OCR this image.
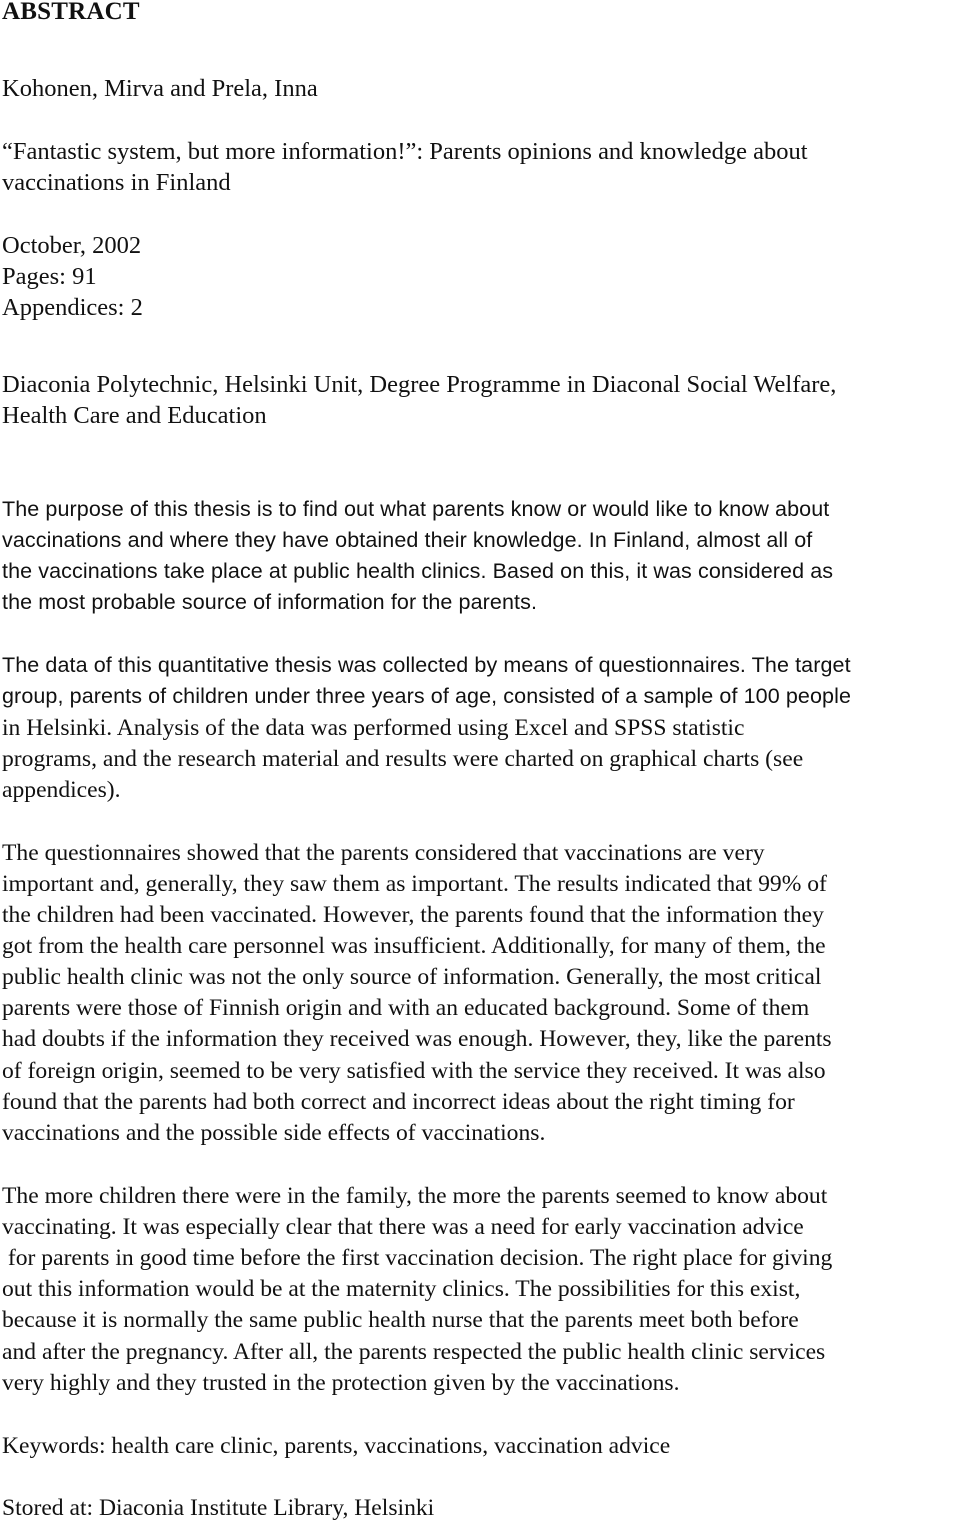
ABSTRACT

Kohonen, Mirva and Prela, Inna

“Fantastic system, but more information!”: Parents opinions and knowledge about

vaccinations in Finland

October, 2002

Pages: 91

Appendices: 2

Diaconia Polytechnic, Helsinki Unit, Degree Programme in Diaconal Social Welfare,

Health Care and Education

The purpose of this thesis is to find out what parents know or would like to know about

vaccinations and where they have obtained their knowledge. In Finland, almost all of

the vaccinations take place at public health clinics. Based on this, it was considered as

the most probable source of information for the parents.

The data of this quantitative thesis was collected by means of questionnaires. The target

group, parents of children under three years of age, consisted of a sample of 100 people

in Helsinki. Analysis of the data was performed using Excel and SPSS statistic

programs, and the research material and results were charted on graphical charts (see

appendices).

The questionnaires showed that the parents considered that vaccinations are very

important and, generally, they saw them as important. The results indicated that 99% of

the children had been vaccinated. However, the parents found that the information they

got from the health care personnel was insufficient. Additionally, for many of them, the

public health clinic was not the only source of information. Generally, the most critical

parents were those of Finnish origin and with an educated background. Some of them

had doubts if the information they received was enough. However, they, like the parents

of foreign origin, seemed to be very satisfied with the service they received. It was also

found that the parents had both correct and incorrect ideas about the right timing for

vaccinations and the possible side effects of vaccinations.

The more children there were in the family, the more the parents seemed to know about

vaccinating. It was especially clear that there was a need for early vaccination advice

for parents in good time before the first vaccination decision. The right place for giving

out this information would be at the maternity clinics. The possibilities for this exist,

because it is normally the same public health nurse that the parents meet both before

and after the pregnancy. After all, the parents respected the public health clinic services

very highly and they trusted in the protection given by the vaccinations.

Keywords: health care clinic, parents, vaccinations, vaccination advice

Stored at: Diaconia Institute Library, Helsinki
